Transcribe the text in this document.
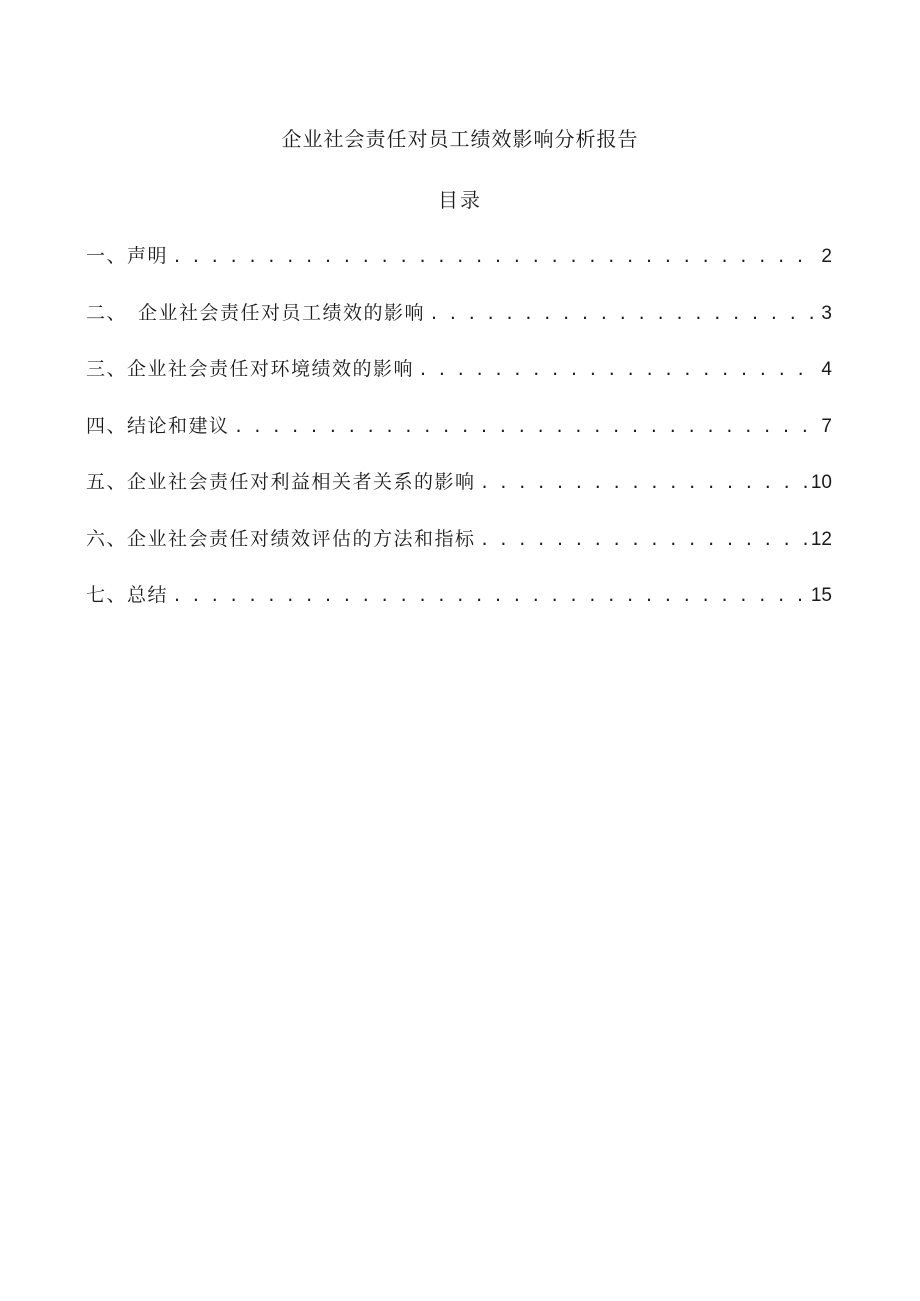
企业社会责任对员工绩效影响分析报告
目录
一、声明 . . .	2
二、　企业社会责任对员工绩效的影响 . . .	3
三、企业社会责任对环境绩效的影响 . . .	4
四、结论和建议 . . .	7
五、企业社会责任对利益相关者关系的影响 . . .	10
六、企业社会责任对绩效评估的方法和指标 . . .	12
七、总结 . . .	15
